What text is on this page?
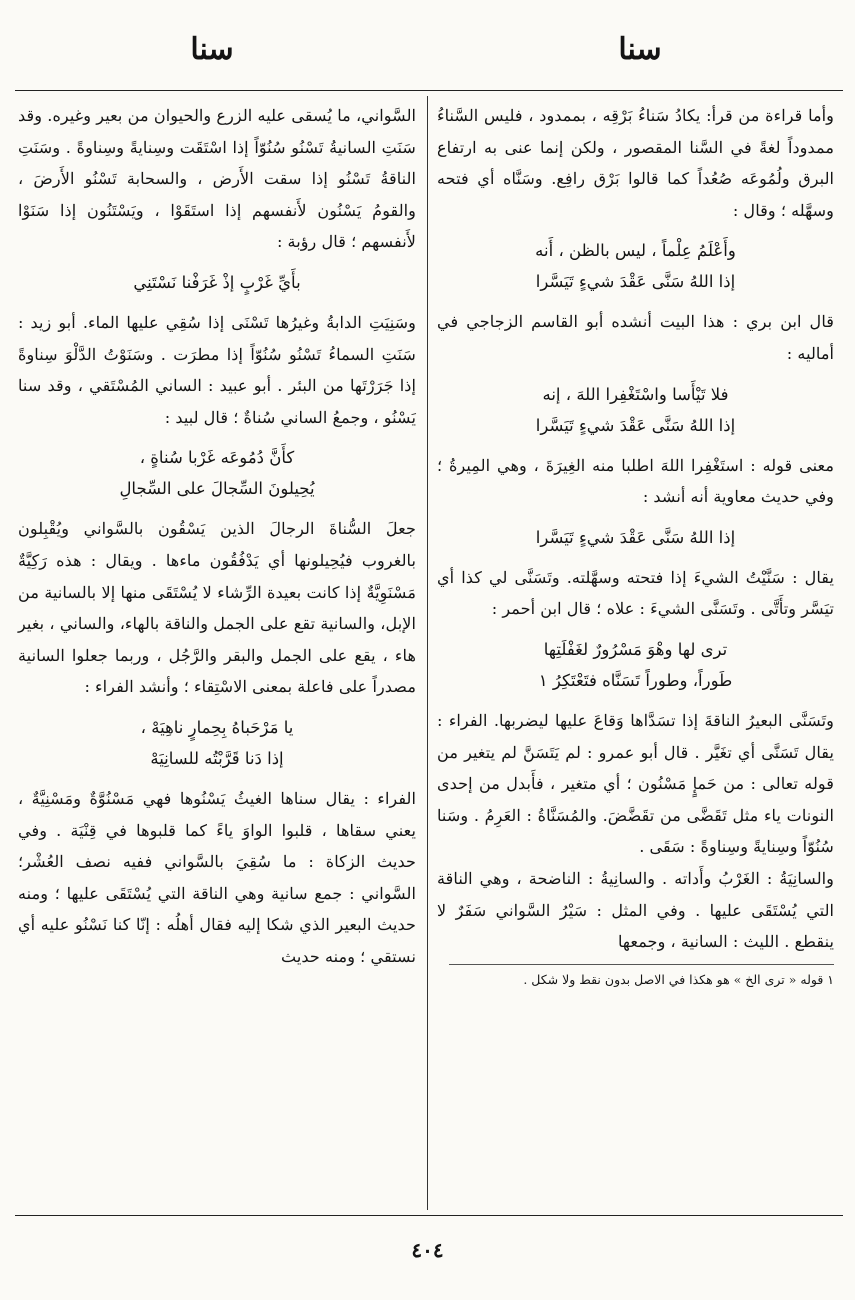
سنا
سنا

وأما قراءة من قرأ: يكادُ سَناءُ بَرْقِه ، بممدود ، فليس السَّناءُ ممدوداً لغةً في السَّنا المقصور ، ولكن إنما عنى به ارتفاع البرق ولُمُوعَه صُعُداً كما قالوا بَرْق رافِع. وسَنَّاه أي فتحه وسهَّله ؛ وقال :

وأَعْلَمُ عِلْماً ، ليس بالظن ، أَنه
إذا اللهُ سَنَّى عَقْدَ شيءٍ تَيَسَّرا

قال ابن بري : هذا البيت أنشده أبو القاسم الزجاجي في أماليه :

فلا تَيْأَسا واسْتَغْفِرا اللهَ ، إنه
إذا اللهُ سَنَّى عَقْدَ شيءٍ تَيَسَّرا

معنى قوله : استَغْفِرا اللهَ اطلبا منه الغِيرَةَ ، وهي المِيرةُ ؛ وفي حديث معاوية أنه أنشد :

إذا اللهُ سَنَّى عَقْدَ شيءٍ تَيَسَّرا

يقال : سَنَّيْتُ الشيءَ إذا فتحته وسهَّلته. وتَسَنَّى لي كذا أي تيَسَّر وتأَتَّى . وتَسَنَّى الشيءَ : علاه ؛ قال ابن أحمر :

ترى لها وهْوَ مَسْرُورٌ لغَفْلَتِها
طَوراً، وطوراً تَسَنَّاه فتَعْتَكِرُ ١

وتَسَنَّى البعيرُ الناقةَ إذا تسَدَّاها وَقاعَ عليها ليضربها. الفراء : يقال تَسَنَّى أي تغَيَّر . قال أبو عمرو : لم يَتَسَنَّ لم يتغير من قوله تعالى : من حَمإٍ مَسْنُون ؛ أي متغير ، فأَبدل من إحدى النونات ياء مثل تَقَضَّى من تقَضَّضَ. والمُسَنَّاةُ : العَرِمُ . وسَنا سُنُوّاً وسِنايةً وسِناوةً : سَقَى .

والسانِيَةُ : الغَرْبُ وأَداته . والسانِيةُ : الناضحة ، وهي الناقة التي يُسْتَقَى عليها . وفي المثل : سَيْرُ السَّواني سَفَرٌ لا ينقطع . الليث : السانية ، وجمعها

١ قوله « ترى الخ » هو هكذا في الاصل بدون نقط ولا شكل .

السَّواني، ما يُسقى عليه الزرع والحيوان من بعير وغيره. وقد سَنَتِ السانيةُ تَسْنُو سُنُوّاً إذا اسْتَقَت وسِنايةً وسِناوةً . وسَنَتِ الناقةُ تَسْنُو إذا سقت الأَرض ، والسحابة تَسْنُو الأَرضَ ، والقومُ يَسْنُون لأَنفسهم إذا استَقَوْا ، ويَسْتَنُون إذا سَنَوْا لأَنفسهم ؛ قال رؤبة :

بأَيِّ غَرْبٍ إذْ غَرَفْنا نَسْتَنِي

وسَنِيَتِ الدابةُ وغيرُها تَسْنَى إذا سُقِي عليها الماء. أبو زيد : سَنَتِ السماءُ تَسْنُو سُنُوّاً إذا مطرَت . وسَنَوْتُ الدَّلْوَ سِناوةً إذا جَرَرْتَها من البئر . أبو عبيد : الساني المُسْتَقي ، وقد سنا يَسْنُو ، وجمعُ الساني سُناةٌ ؛ قال لبيد :

كأَنَّ دُمُوعَه غَرْبا سُناةٍ ،
يُحِيلونَ السِّجالَ على السِّجالِ

جعلَ السُّناةَ الرجالَ الذين يَسْقُون بالسَّواني ويُقْبِلون بالغروب فيُحِيلونها أي يَدْفُقُون ماءها . ويقال : هذه رَكِيَّةٌ مَسْنَوِيَّةٌ إذا كانت بعيدة الرِّشاء لا يُسْتَقَى منها إلا بالسانية من الإبل، والسانية تقع على الجمل والناقة بالهاء، والساني ، بغير هاء ، يقع على الجمل والبقر والرَّجُل ، وربما جعلوا السانية مصدراً على فاعلة بمعنى الاسْتِقاء ؛ وأنشد الفراء :

يا مَرْحَباهُ بِحِمارٍ ناهِيَهْ ،
إذا دَنا قَرَّبْتُه للسانِيَهْ

الفراء : يقال سناها الغيثُ يَسْنُوها فهي مَسْنُوَّةٌ ومَسْنِيَّةٌ ، يعني سقاها ، قلبوا الواوَ ياءً كما قلبوها في قِنْيَة . وفي حديث الزكاة : ما سُقِيَ بالسَّواني ففيه نصف العُشْر؛ السَّواني : جمع سانية وهي الناقة التي يُسْتَقَى عليها ؛ ومنه حديث البعير الذي شكا إليه فقال أهلُه : إنّا كنا نَسْنُو عليه أي نستقي ؛ ومنه حديث

٤٠٤
